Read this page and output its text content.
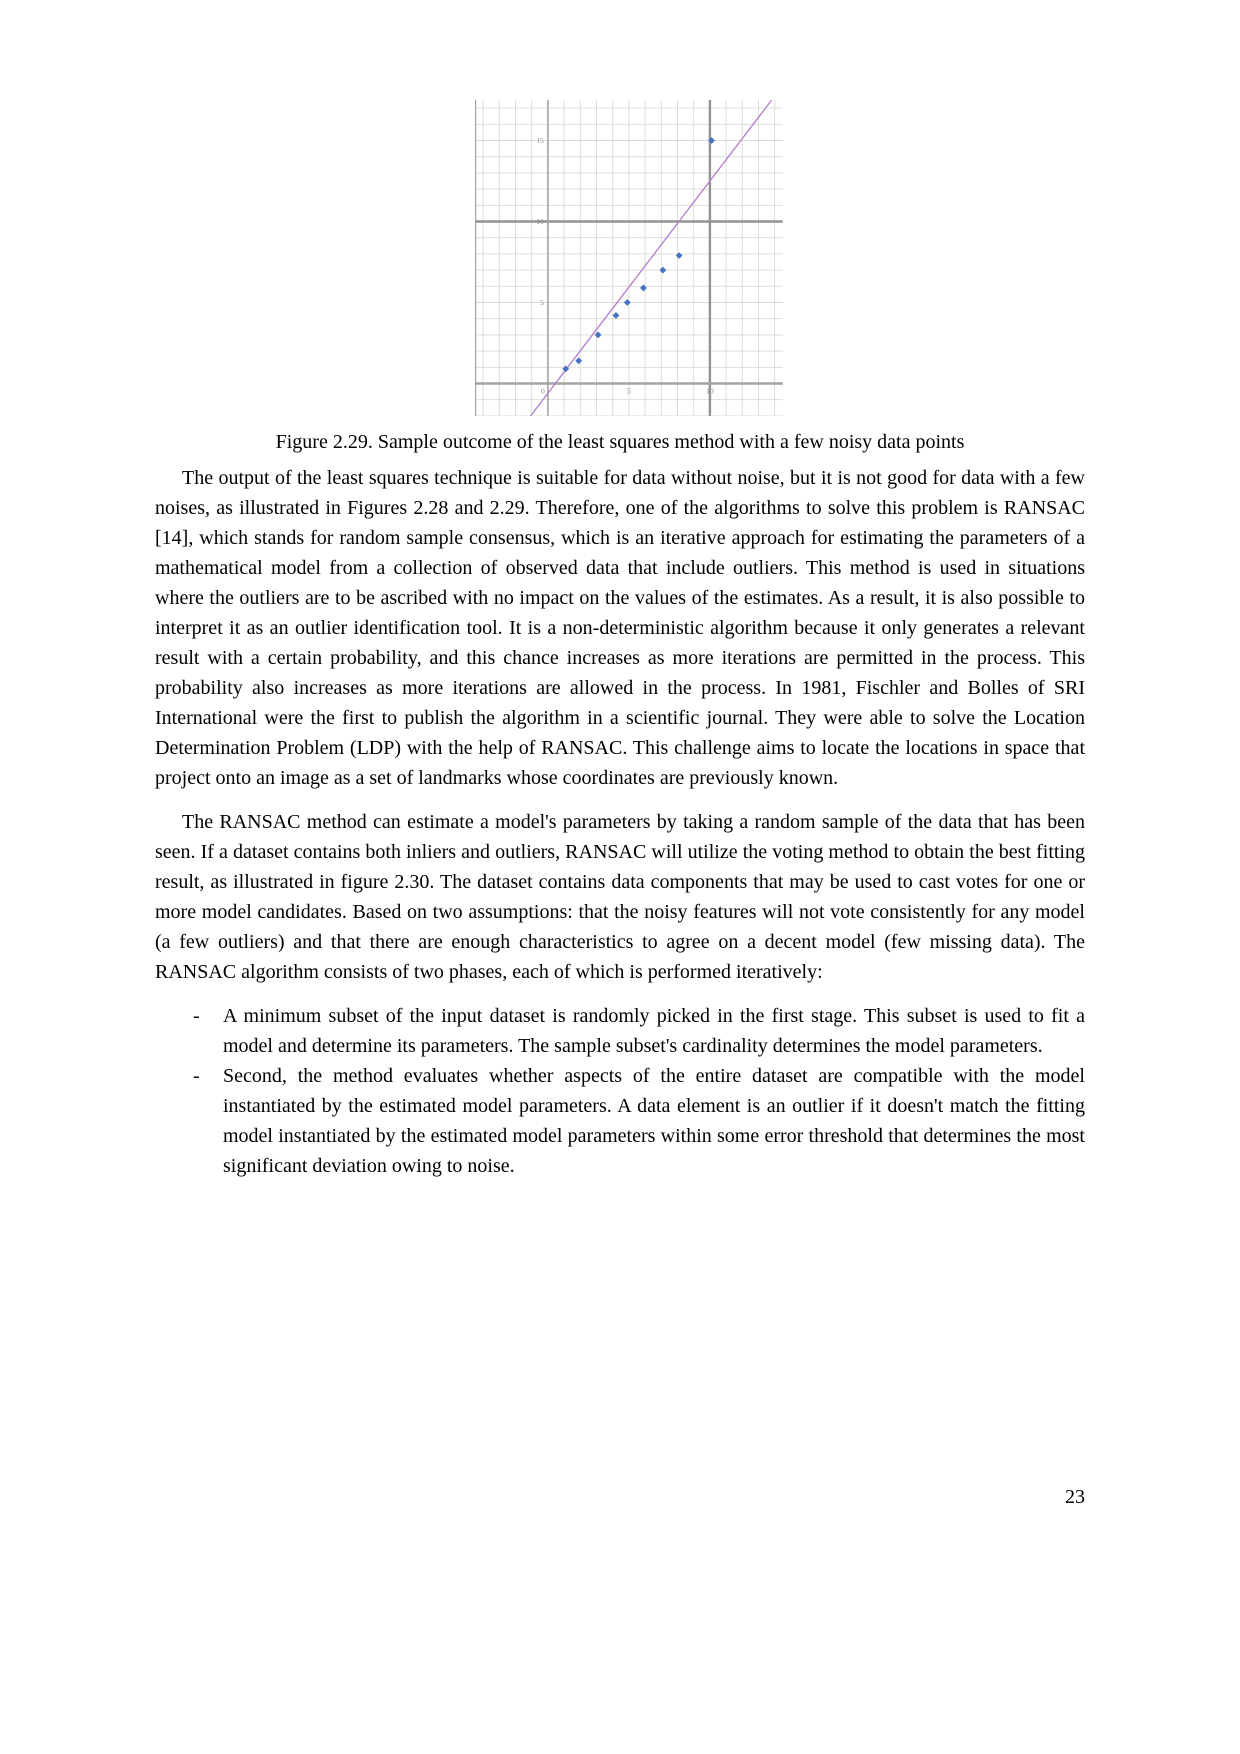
5
10
15
0	5	10
Figure 2.29. Sample outcome of the least squares method with a few noisy data points

The output of the least squares technique is suitable for data without noise, but it is not good for data with a few noises, as illustrated in Figures 2.28 and 2.29. Therefore, one of the algorithms to solve this problem is RANSAC [14], which stands for random sample consensus, which is an iterative approach for estimating the parameters of a mathematical model from a collection of observed data that include outliers. This method is used in situations where the outliers are to be ascribed with no impact on the values of the estimates. As a result, it is also possible to interpret it as an outlier identification tool. It is a non-deterministic algorithm because it only generates a relevant result with a certain probability, and this chance increases as more iterations are permitted in the process. This probability also increases as more iterations are allowed in the process. In 1981, Fischler and Bolles of SRI International were the first to publish the algorithm in a scientific journal. They were able to solve the Location Determination Problem (LDP) with the help of RANSAC. This challenge aims to locate the locations in space that project onto an image as a set of landmarks whose coordinates are previously known.

The RANSAC method can estimate a model's parameters by taking a random sample of the data that has been seen. If a dataset contains both inliers and outliers, RANSAC will utilize the voting method to obtain the best fitting result, as illustrated in figure 2.30. The dataset contains data components that may be used to cast votes for one or more model candidates. Based on two assumptions: that the noisy features will not vote consistently for any model (a few outliers) and that there are enough characteristics to agree on a decent model (few missing data). The RANSAC algorithm consists of two phases, each of which is performed iteratively:

-	A minimum subset of the input dataset is randomly picked in the first stage. This subset is used to fit a model and determine its parameters. The sample subset's cardinality determines the model parameters.
-	Second, the method evaluates whether aspects of the entire dataset are compatible with the model instantiated by the estimated model parameters. A data element is an outlier if it doesn't match the fitting model instantiated by the estimated model parameters within some error threshold that determines the most significant deviation owing to noise.
23
